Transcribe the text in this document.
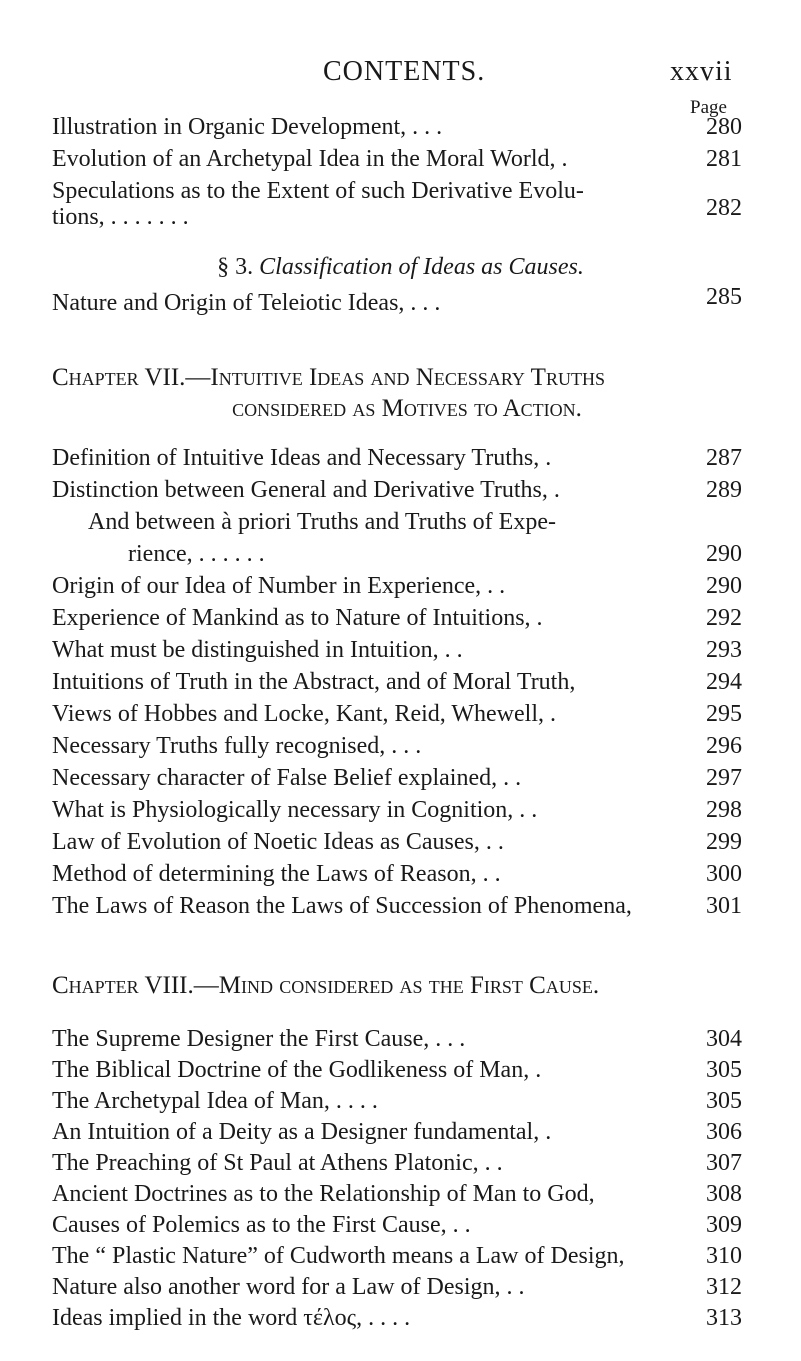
CONTENTS.	xxvii
Page
Illustration in Organic Development, . . .	280
Evolution of an Archetypal Idea in the Moral World, .	281
Speculations as to the Extent of such Derivative Evolu-
tions, . . . . . . .	282
§ 3. Classification of Ideas as Causes.
Nature and Origin of Teleiotic Ideas, . . .	285
Chapter VII.—Intuitive Ideas and Necessary Truths
considered as Motives to Action.
Definition of Intuitive Ideas and Necessary Truths, .	287
Distinction between General and Derivative Truths, .	289
And between à priori Truths and Truths of Expe-
rience, . . . . . .	290
Origin of our Idea of Number in Experience, . .	290
Experience of Mankind as to Nature of Intuitions, .	292
What must be distinguished in Intuition, . .	293
Intuitions of Truth in the Abstract, and of Moral Truth,	294
Views of Hobbes and Locke, Kant, Reid, Whewell, .	295
Necessary Truths fully recognised, . . .	296
Necessary character of False Belief explained, . .	297
What is Physiologically necessary in Cognition, . .	298
Law of Evolution of Noetic Ideas as Causes, . .	299
Method of determining the Laws of Reason, . .	300
The Laws of Reason the Laws of Succession of Phenomena,	301
Chapter VIII.—Mind considered as the First Cause.
The Supreme Designer the First Cause, . . .	304
The Biblical Doctrine of the Godlikeness of Man, .	305
The Archetypal Idea of Man, . . . .	305
An Intuition of a Deity as a Designer fundamental, .	306
The Preaching of St Paul at Athens Platonic, . .	307
Ancient Doctrines as to the Relationship of Man to God,	308
Causes of Polemics as to the First Cause, . .	309
The “ Plastic Nature” of Cudworth means a Law of Design,	310
Nature also another word for a Law of Design, . .	312
Ideas implied in the word τέλος, . . . .	313
